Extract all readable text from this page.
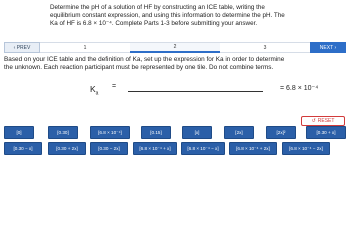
Determine the pH of a solution of HF by constructing an ICE table, writing the
equilibrium constant expression, and using this information to determine the pH. The
Ka of HF is 6.8 × 10⁻⁴. Complete Parts 1-3 before submitting your answer.
‹ PREV	1	2	3	NEXT ›
Based on your ICE table and the definition of Ka, set up the expression for Ka in order to determine
the unknown. Each reaction participant must be represented by one tile. Do not combine terms.
$K_a$
=	= 6.8 × 10⁻⁴
↺ RESET
[0]	[0.30]	[6.8 × 10⁻⁴]	[0.15]	[x]	[2x]	[2x]²	[0.30 + x]
[0.30 − x]	[0.30 + 2x]	[0.30 − 2x]	[6.8 × 10⁻⁴ + x]	[6.8 × 10⁻⁴ − x]	[6.8 × 10⁻⁴ + 2x]	[6.8 × 10⁻⁴ − 2x]
